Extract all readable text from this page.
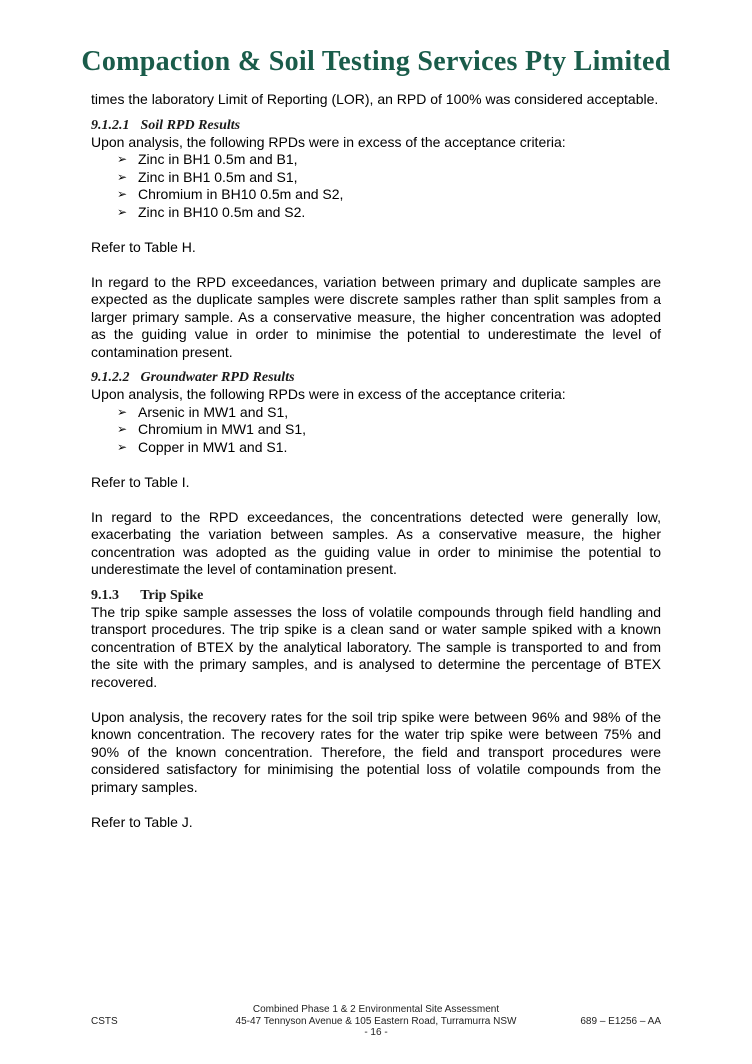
Compaction & Soil Testing Services Pty Limited

times the laboratory Limit of Reporting (LOR), an RPD of 100% was considered acceptable.

9.1.2.1 Soil RPD Results

Upon analysis, the following RPDs were in excess of the acceptance criteria:

➢ Zinc in BH1 0.5m and B1,
➢ Zinc in BH1 0.5m and S1,
➢ Chromium in BH10 0.5m and S2,
➢ Zinc in BH10 0.5m and S2.

Refer to Table H.

In regard to the RPD exceedances, variation between primary and duplicate samples are expected as the duplicate samples were discrete samples rather than split samples from a larger primary sample. As a conservative measure, the higher concentration was adopted as the guiding value in order to minimise the potential to underestimate the level of contamination present.

9.1.2.2 Groundwater RPD Results

Upon analysis, the following RPDs were in excess of the acceptance criteria:

➢ Arsenic in MW1 and S1,
➢ Chromium in MW1 and S1,
➢ Copper in MW1 and S1.

Refer to Table I.

In regard to the RPD exceedances, the concentrations detected were generally low, exacerbating the variation between samples. As a conservative measure, the higher concentration was adopted as the guiding value in order to minimise the potential to underestimate the level of contamination present.

9.1.3 Trip Spike

The trip spike sample assesses the loss of volatile compounds through field handling and transport procedures. The trip spike is a clean sand or water sample spiked with a known concentration of BTEX by the analytical laboratory. The sample is transported to and from the site with the primary samples, and is analysed to determine the percentage of BTEX recovered.

Upon analysis, the recovery rates for the soil trip spike were between 96% and 98% of the known concentration. The recovery rates for the water trip spike were between 75% and 90% of the known concentration. Therefore, the field and transport procedures were considered satisfactory for minimising the potential loss of volatile compounds from the primary samples.

Refer to Table J.

Combined Phase 1 & 2 Environmental Site Assessment
45-47 Tennyson Avenue & 105 Eastern Road, Turramurra NSW
- 16 -
CSTS	689 – E1256 – AA
